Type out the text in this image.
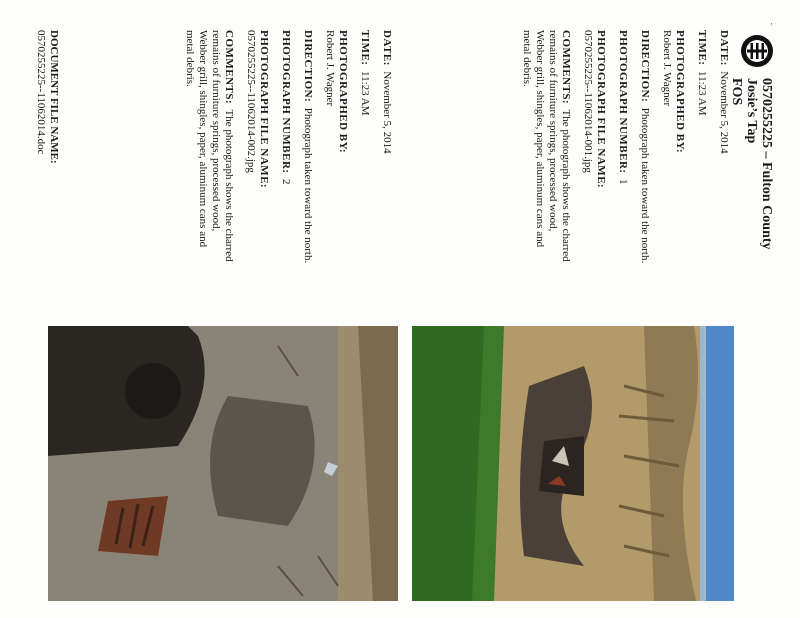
‚
0570255225 – Fulton County
Josie’s Tap
FOS
DATE:  November 5, 2014
TIME:  11:23 AM
PHOTOGRAPHED BY:
Robert J. Wagner
DIRECTION:  Photograph taken toward the north.
PHOTOGRAPH NUMBER:  1
PHOTOGRAPH FILE NAME:
0570255225--11062014-001.jpg
COMMENTS:  The photograph shows the charred remains of furniture springs, processed wood, Webber grill, shingles, paper, aluminum cans and metal debris.
DATE:  November 5, 2014
TIME:  11:23 AM
PHOTOGRAPHED BY:
Robert J. Wagner
DIRECTION:  Photograph taken toward the north.
PHOTOGRAPH NUMBER:  2
PHOTOGRAPH FILE NAME:
0570255225--11062014-002.jpg
COMMENTS:  The photograph shows the charred remains of furniture springs, processed wood, Webber grill, shingles, paper, aluminum cans and metal debris.
DOCUMENT FILE NAME:
0570255225--11062014.doc
